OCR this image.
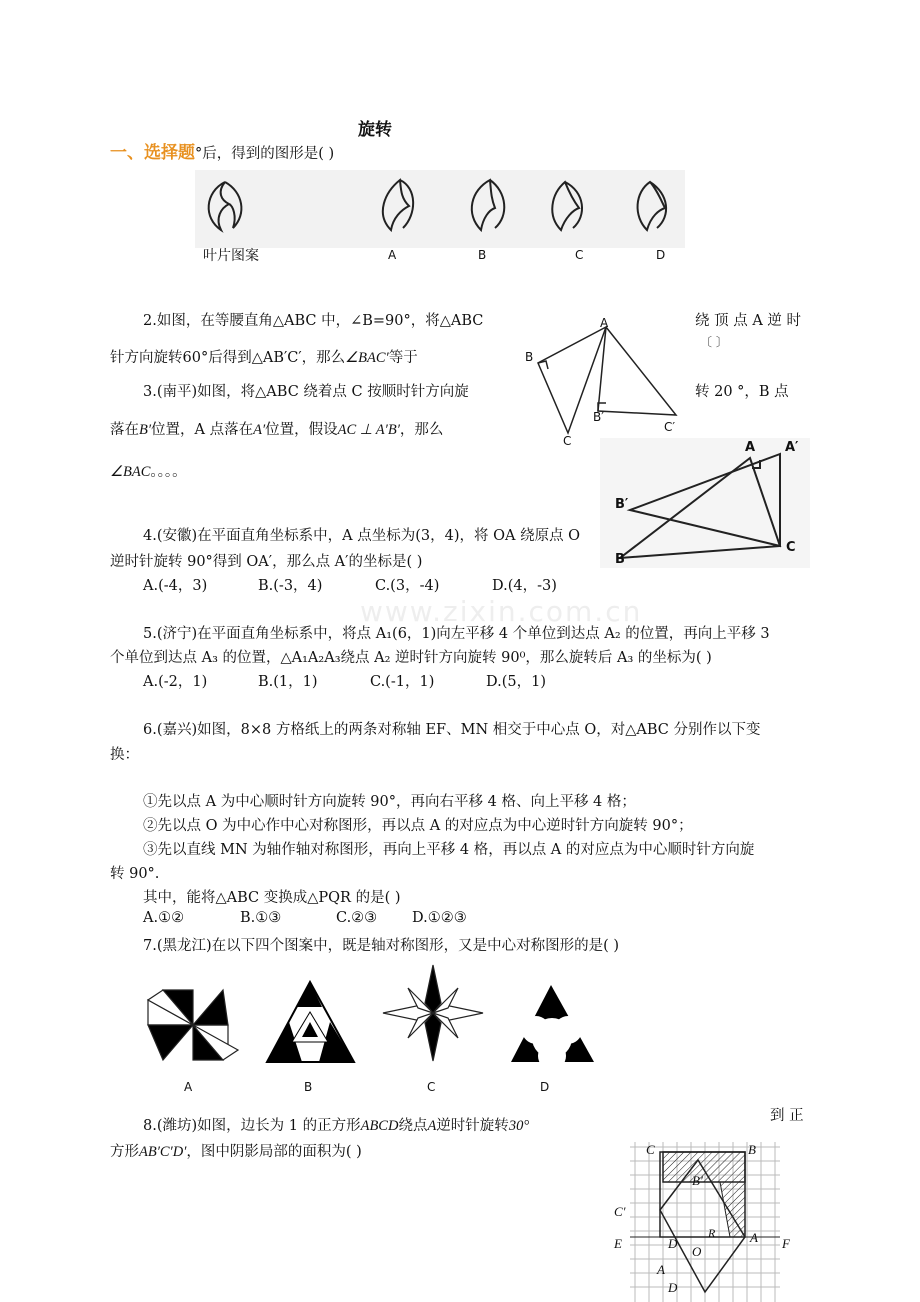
旋转
一、选择题°后，得到的图形是( )
叶片图案	A	B	C	D
2.如图，在等腰直角△ABC 中，∠B=90°，将△ABC	绕 顶 点 A 逆 时
〔 〕
针方向旋转60°后得到△AB′C′，那么∠BAC′等于
A
B
C
B′
C′
3.(南平)如图，将△ABC 绕着点 C 按顺时针方向旋	转 20 °，B 点
落在B′位置，A 点落在A′位置，假设AC ⊥ A′B′，那么
∠BAC。。。。
A A′
B′
B
C
4.(安徽)在平面直角坐标系中，A 点坐标为(3，4)，将 OA 绕原点 O
逆时针旋转 90°得到 OA′，那么点 A′的坐标是( )
A.(-4，3)	B.(-3，4)	C.(3，-4)	D.(4，-3)
www.zixin.com.cn
5.(济宁)在平面直角坐标系中，将点 A₁(6，1)向左平移 4 个单位到达点 A₂ 的位置，再向上平移 3
个单位到达点 A₃ 的位置，△A₁A₂A₃绕点 A₂ 逆时针方向旋转 90⁰，那么旋转后 A₃ 的坐标为( )
A.(-2，1)	B.(1，1)	C.(-1，1)	D.(5，1)
6.(嘉兴)如图，8×8 方格纸上的两条对称轴 EF、MN 相交于中心点 O，对△ABC 分别作以下变
换：
①先以点 A 为中心顺时针方向旋转 90°，再向右平移 4 格、向上平移 4 格；
②先以点 O 为中心作中心对称图形，再以点 A 的对应点为中心逆时针方向旋转 90°；
③先以直线 MN 为轴作轴对称图形，再向上平移 4 格，再以点 A 的对应点为中心顺时针方向旋
转 90°.
其中，能将△ABC 变换成△PQR 的是( )
A.①②	B.①③	C.②③ D.①②③
7.(黑龙江)在以下四个图案中，既是轴对称图形，又是中心对称图形的是( )
A	B	C	D
到 正
8.(潍坊)如图，边长为 1 的正方形ABCD绕点A逆时针旋转30°
方形AB′C′D′，图中阴影局部的面积为( )	C	B
B′
C′
E	D
O
R	A F
A
D
